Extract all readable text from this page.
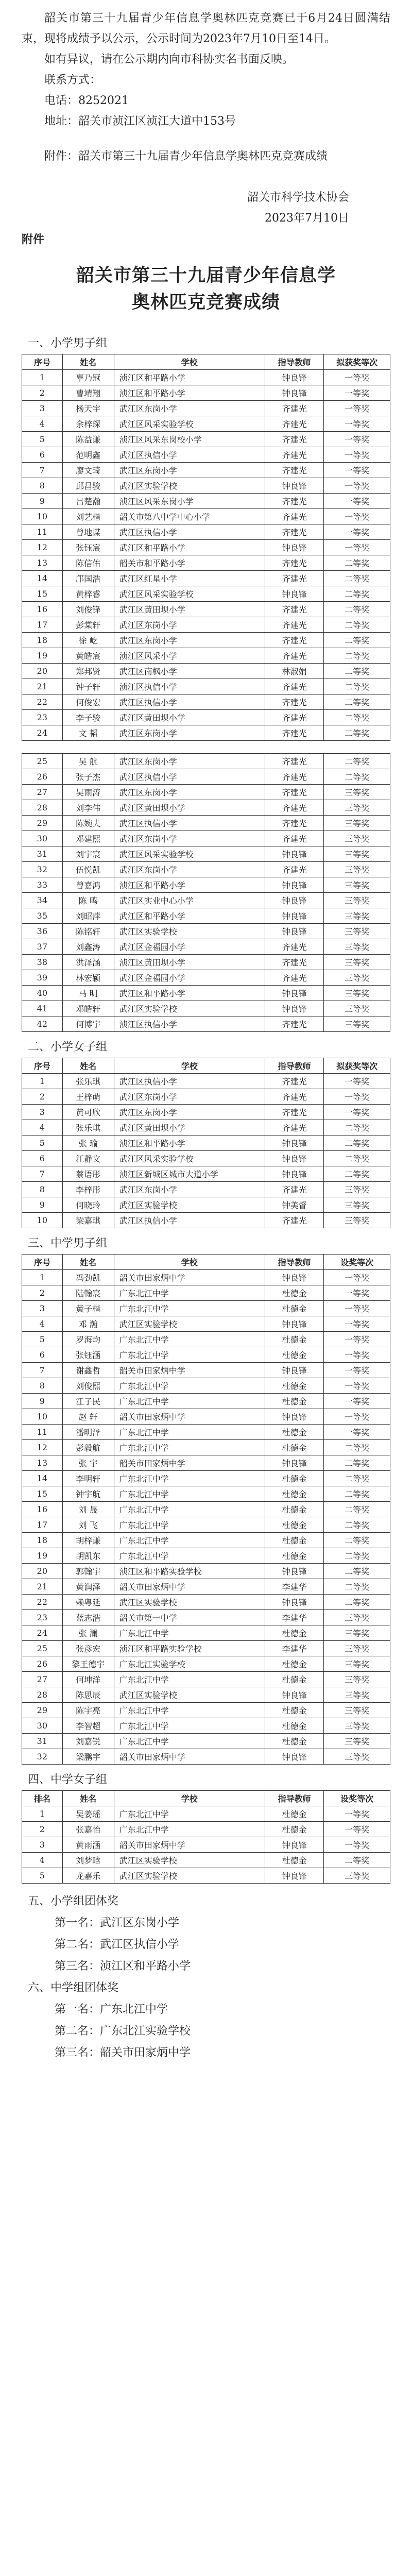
韶关市第三十九届青少年信息学奥林匹克竞赛已于6月24日圆满结束，现将成绩予以公示，公示时间为2023年7月10日至14日。

如有异议，请在公示期内向市科协实名书面反映。

联系方式：

电话：8252021

地址：韶关市浈江区浈江大道中153号

附件：韶关市第三十九届青少年信息学奥林匹克竞赛成绩

韶关市科学技术协会

2023年7月10日

附件

韶关市第三十九届青少年信息学
奥林匹克竞赛成绩
一、小学男子组
序号	姓名	学校	指导教师	拟获奖等次
1	辜乃冠	浈江区和平路小学	钟良锋	一等奖
2	曹靖翔	浈江区和平路小学	钟良锋	一等奖
3	杨天宇	武江区东岗小学	齐建光	一等奖
4	余梓琛	武江区风采实验学校	齐建光	一等奖
5	陈益谦	浈江区风采东岗校小学	齐建光	一等奖
6	范明鑫	武江区执信小学	齐建光	一等奖
7	廖文琦	武江区东岗小学	齐建光	一等奖
8	邱昌骏	武江区实验学校	钟良锋	一等奖
9	吕楚瀚	浈江区风采东岗小学	齐建光	一等奖
10	刘艺楷	韶关市第八中学中心小学	齐建光	一等奖
11	曾地谋	武江区执信小学	齐建光	一等奖
12	张钰宸	武江区和平路小学	钟良锋	一等奖
13	陈信佑	韶关市和平路小学	齐建光	二等奖
14	邝国浩	武江区红星小学	齐建光	二等奖
15	黄梓睿	武江区风采实验学校	钟良锋	二等奖
16	刘俊锋	武江区黄田坝小学	齐建光	二等奖
17	彭棠轩	武江区东岗小学	齐建光	二等奖
18	徐 屹	武江区东岗小学	齐建光	二等奖
19	黄皓宸	浈江区风采小学	齐建光	二等奖
20	郑邦贤	武江区南枫小学	林淑娟	二等奖
21	钟子轩	浈江区执信小学	齐建光	二等奖
22	何俊宏	武江区执信小学	齐建光	二等奖
23	李子骏	武江区黄田坝小学	齐建光	二等奖
24	文 韬	武江区东岗小学	齐建光	二等奖

25	吴 航	武江区东岗小学	齐建光	二等奖
26	张子杰	武江区执信小学	齐建光	二等奖
27	吴雨涛	武江区东岗小学	齐建光	三等奖
28	刘李伟	武江区黄田坝小学	齐建光	三等奖
29	陈婉夫	武江区执信小学	齐建光	三等奖
30	邓建熙	武江区东岗小学	齐建光	三等奖
31	刘宇宸	武江区风采实验学校	钟良锋	三等奖
32	伍悦凯	武江区东岗小学	齐建光	三等奖
33	曾嘉鸿	浈江区和平路小学	钟良锋	三等奖
34	陈 鸣	武江区实业中心小学	钟良锋	三等奖
35	刘昭萍	武江区和平路小学	钟良锋	三等奖
36	陈铭轩	武江区实验学校	钟良锋	三等奖
37	刘鑫涛	武江区金福园小学	齐建光	三等奖
38	洪泽涵	浈江区黄田坝小学	齐建光	三等奖
39	林宏颖	武江区金福园小学	齐建光	三等奖
40	马 明	武江区和平路小学	钟良锋	三等奖
41	邓皓轩	武江区实验学校	钟良锋	三等奖
42	何博宇	浈江区执信小学	齐建光	三等奖
二、小学女子组
序号	姓名	学校	指导教师	拟获奖等次
1	张乐琪	武江区执信小学	齐建光	一等奖
2	王梓萌	武江区东岗小学	齐建光	一等奖
3	黄可欣	武江区东岗小学	齐建光	一等奖
4	张乐琪	武江区黄田坝小学	齐建光	二等奖
5	张 瑜	浈江区和平路小学	钟良锋	二等奖
6	江静文	武江区风采实验学校	钟良锋	二等奖
7	蔡语彤	浈江区新城区城市大道小学	钟良锋	二等奖
8	李梓彤	武江区东岗小学	齐建光	三等奖
9	何晓玲	武江区实验学校	钟美督	三等奖
10	梁嘉琪	武江区执信小学	齐建光	三等奖
三、中学男子组
序号	姓名	学校	指导教师	设奖等次
1	冯劲凯	韶关市田家炳中学	钟良锋	一等奖
2	陆翰宸	广东北江中学	杜德金	一等奖
3	黄子楷	广东北江中学	杜德金	一等奖
4	邓 瀚	武江区实验学校	钟良锋	一等奖
5	罗海均	广东北江中学	杜德金	一等奖
6	张钰涵	广东北江中学	杜德金	一等奖
7	谢鑫哲	韶关市田家炳中学	钟良锋	一等奖
8	刘俊熙	广东北江中学	杜德金	一等奖
9	江子民	广东北江中学	杜德金	一等奖
10	赵 轩	韶关市田家炳中学	钟良锋	一等奖
11	潘明泽	广东北江中学	杜德金	一等奖
12	彭毅航	广东北江中学	杜德金	二等奖
13	张 宇	韶关市田家炳中学	钟良锋	二等奖
14	李明轩	广东北江中学	杜德金	二等奖
15	钟宇航	广东北江中学	杜德金	二等奖
16	刘 晟	广东北江中学	杜德金	二等奖
17	刘 飞	广东北江中学	杜德金	二等奖
18	胡梓谦	广东北江中学	杜德金	二等奖
19	胡凯东	广东北江中学	杜德金	二等奖
20	郭翰宇	浈江区和平路实验学校	钟良锋	二等奖
21	黄润泽	韶关市田家炳中学	李建华	二等奖
22	赖粤延	武江区实验学校	钟良锋	二等奖
23	蓝志浩	韶关市第一中学	李建华	三等奖
24	张 澜	广东北江中学	杜德金	三等奖
25	张彦宏	浈江区和平路实验学校	李建华	三等奖
26	黎王德宇	广东北江实验学校	杜德金	三等奖
27	何坤洋	广东北江中学	杜德金	三等奖
28	陈思辰	武江区实验学校	钟良锋	三等奖
29	陈宇亮	广东北江中学	杜德金	三等奖
30	李智超	广东北江中学	杜德金	三等奖
31	刘嘉锐	广东北江中学	杜德金	三等奖
32	梁鹏宇	韶关市田家炳中学	钟良锋	三等奖
四、中学女子组
排名	姓名	学校	指导教师	设奖等次
1	吴姜瑶	广东北江中学	杜德金	一等奖
2	张嘉怡	广东北江中学	杜德金	一等奖
3	黄雨涵	韶关市田家炳中学	钟良锋	一等奖
4	刘梦晗	武江区实验学校	杜德金	二等奖
5	龙嘉乐	武江区实验学校	钟良锋	三等奖
五、小学组团体奖
第一名：武江区东岗小学
第二名：武江区执信小学
第三名：浈江区和平路小学
六、中学组团体奖
第一名：广东北江中学
第二名：广东北江实验学校
第三名：韶关市田家炳中学
